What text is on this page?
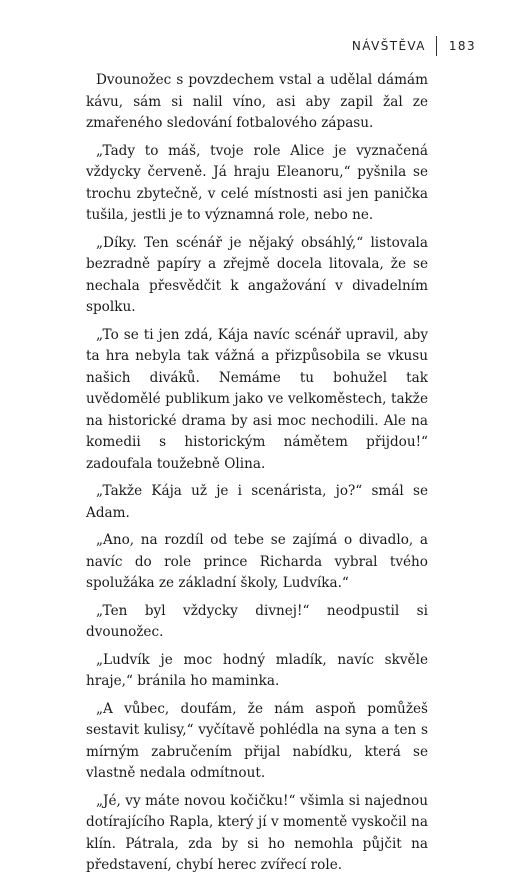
NÁVŠTĚVA 183

Dvounožec s povzdechem vstal a udělal dámám kávu, sám si nalil víno, asi aby zapil žal ze zmařeného sledování fotbalového zápasu.

„Tady to máš, tvoje role Alice je vyznačená vždycky červeně. Já hraju Eleanoru,“ pyšnila se trochu zbytečně, v celé místnosti asi jen panička tušila, jestli je to významná role, nebo ne.

„Díky. Ten scénář je nějaký obsáhlý,“ listovala bezradně papíry a zřejmě docela litovala, že se nechala přesvědčit k angažování v divadelním spolku.

„To se ti jen zdá, Kája navíc scénář upravil, aby ta hra nebyla tak vážná a přizpůsobila se vkusu našich diváků. Nemáme tu bohužel tak uvědomělé publikum jako ve velkoměstech, takže na historické drama by asi moc nechodili. Ale na komedii s historickým námětem přijdou!“ zadoufala toužebně Olina.

„Takže Kája už je i scenárista, jo?“ smál se Adam.

„Ano, na rozdíl od tebe se zajímá o divadlo, a navíc do role prince Richarda vybral tvého spolužáka ze základní školy, Ludvíka.“

„Ten byl vždycky divnej!“ neodpustil si dvounožec.

„Ludvík je moc hodný mladík, navíc skvěle hraje,“ bránila ho maminka.

„A vůbec, doufám, že nám aspoň pomůžeš sestavit kulisy,“ vyčítavě pohlédla na syna a ten s mírným zabručením přijal nabídku, která se vlastně nedala odmítnout.

„Jé, vy máte novou kočičku!“ všimla si najednou dotírajícího Rapla, který jí v momentě vyskočil na klín. Pátrala, zda by si ho nemohla půjčit na představení, chybí herec zvířecí role.
